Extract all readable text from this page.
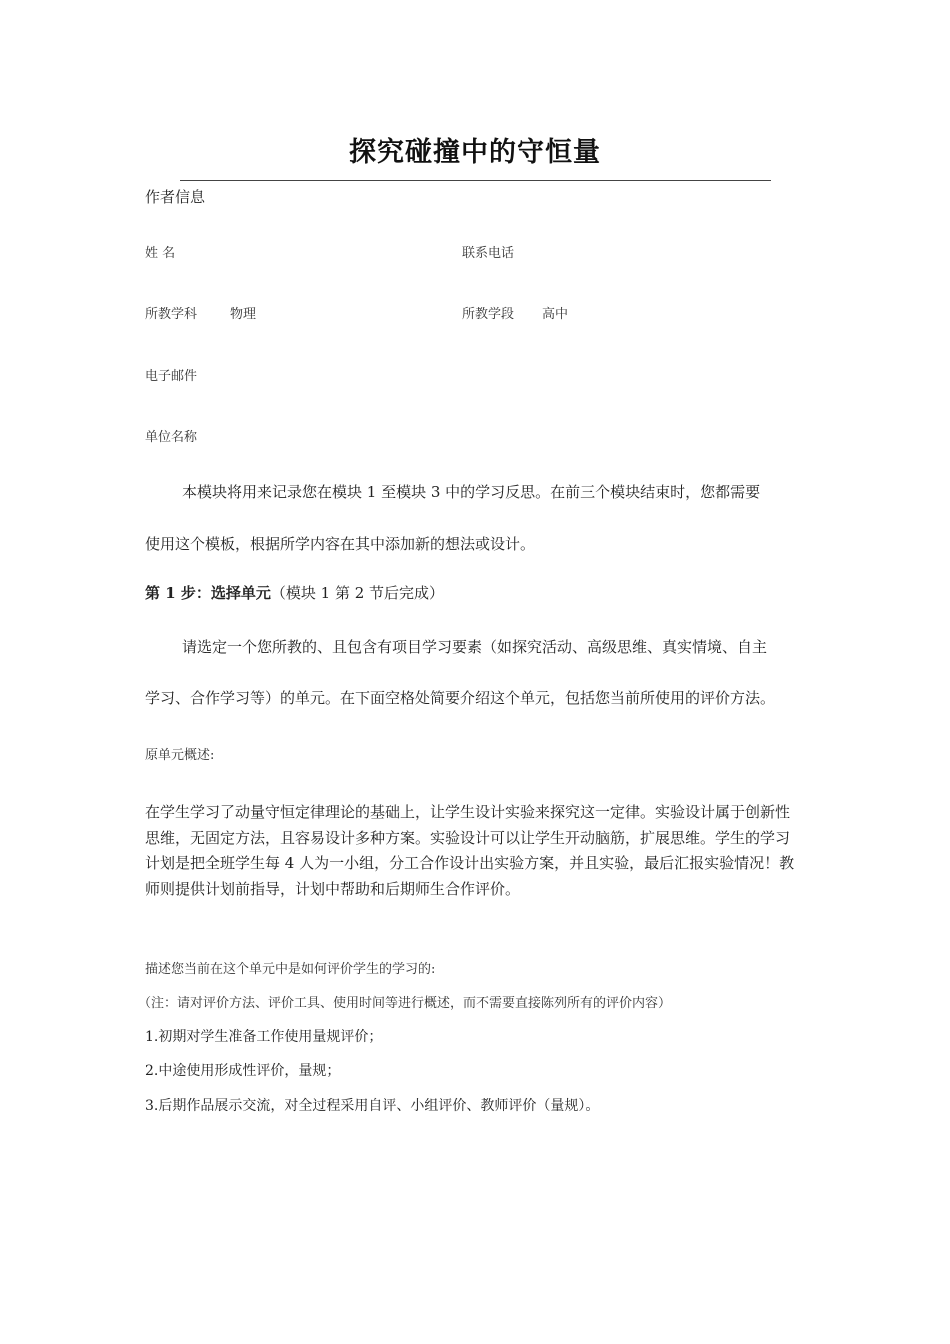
探究碰撞中的守恒量
作者信息
姓 名	联系电话
所教学科	物理	所教学段 高中
电子邮件
单位名称
本模块将用来记录您在模块 1 至模块 3 中的学习反思。在前三个模块结束时，您都需要
使用这个模板，根据所学内容在其中添加新的想法或设计。
第 1 步：选择单元（模块 1 第 2 节后完成）
请选定一个您所教的、且包含有项目学习要素（如探究活动、高级思维、真实情境、自主
学习、合作学习等）的单元。在下面空格处简要介绍这个单元，包括您当前所使用的评价方法。
原单元概述:
在学生学习了动量守恒定律理论的基础上，让学生设计实验来探究这一定律。实验设计属于创新性思维，无固定方法，且容易设计多种方案。实验设计可以让学生开动脑筋，扩展思维。学生的学习计划是把全班学生每 4 人为一小组，分工合作设计出实验方案，并且实验，最后汇报实验情况！教师则提供计划前指导，计划中帮助和后期师生合作评价。
描述您当前在这个单元中是如何评价学生的学习的:
（注：请对评价方法、评价工具、使用时间等进行概述，而不需要直接陈列所有的评价内容）
1.初期对学生准备工作使用量规评价；
2.中途使用形成性评价，量规；
3.后期作品展示交流，对全过程采用自评、小组评价、教师评价（量规）。
